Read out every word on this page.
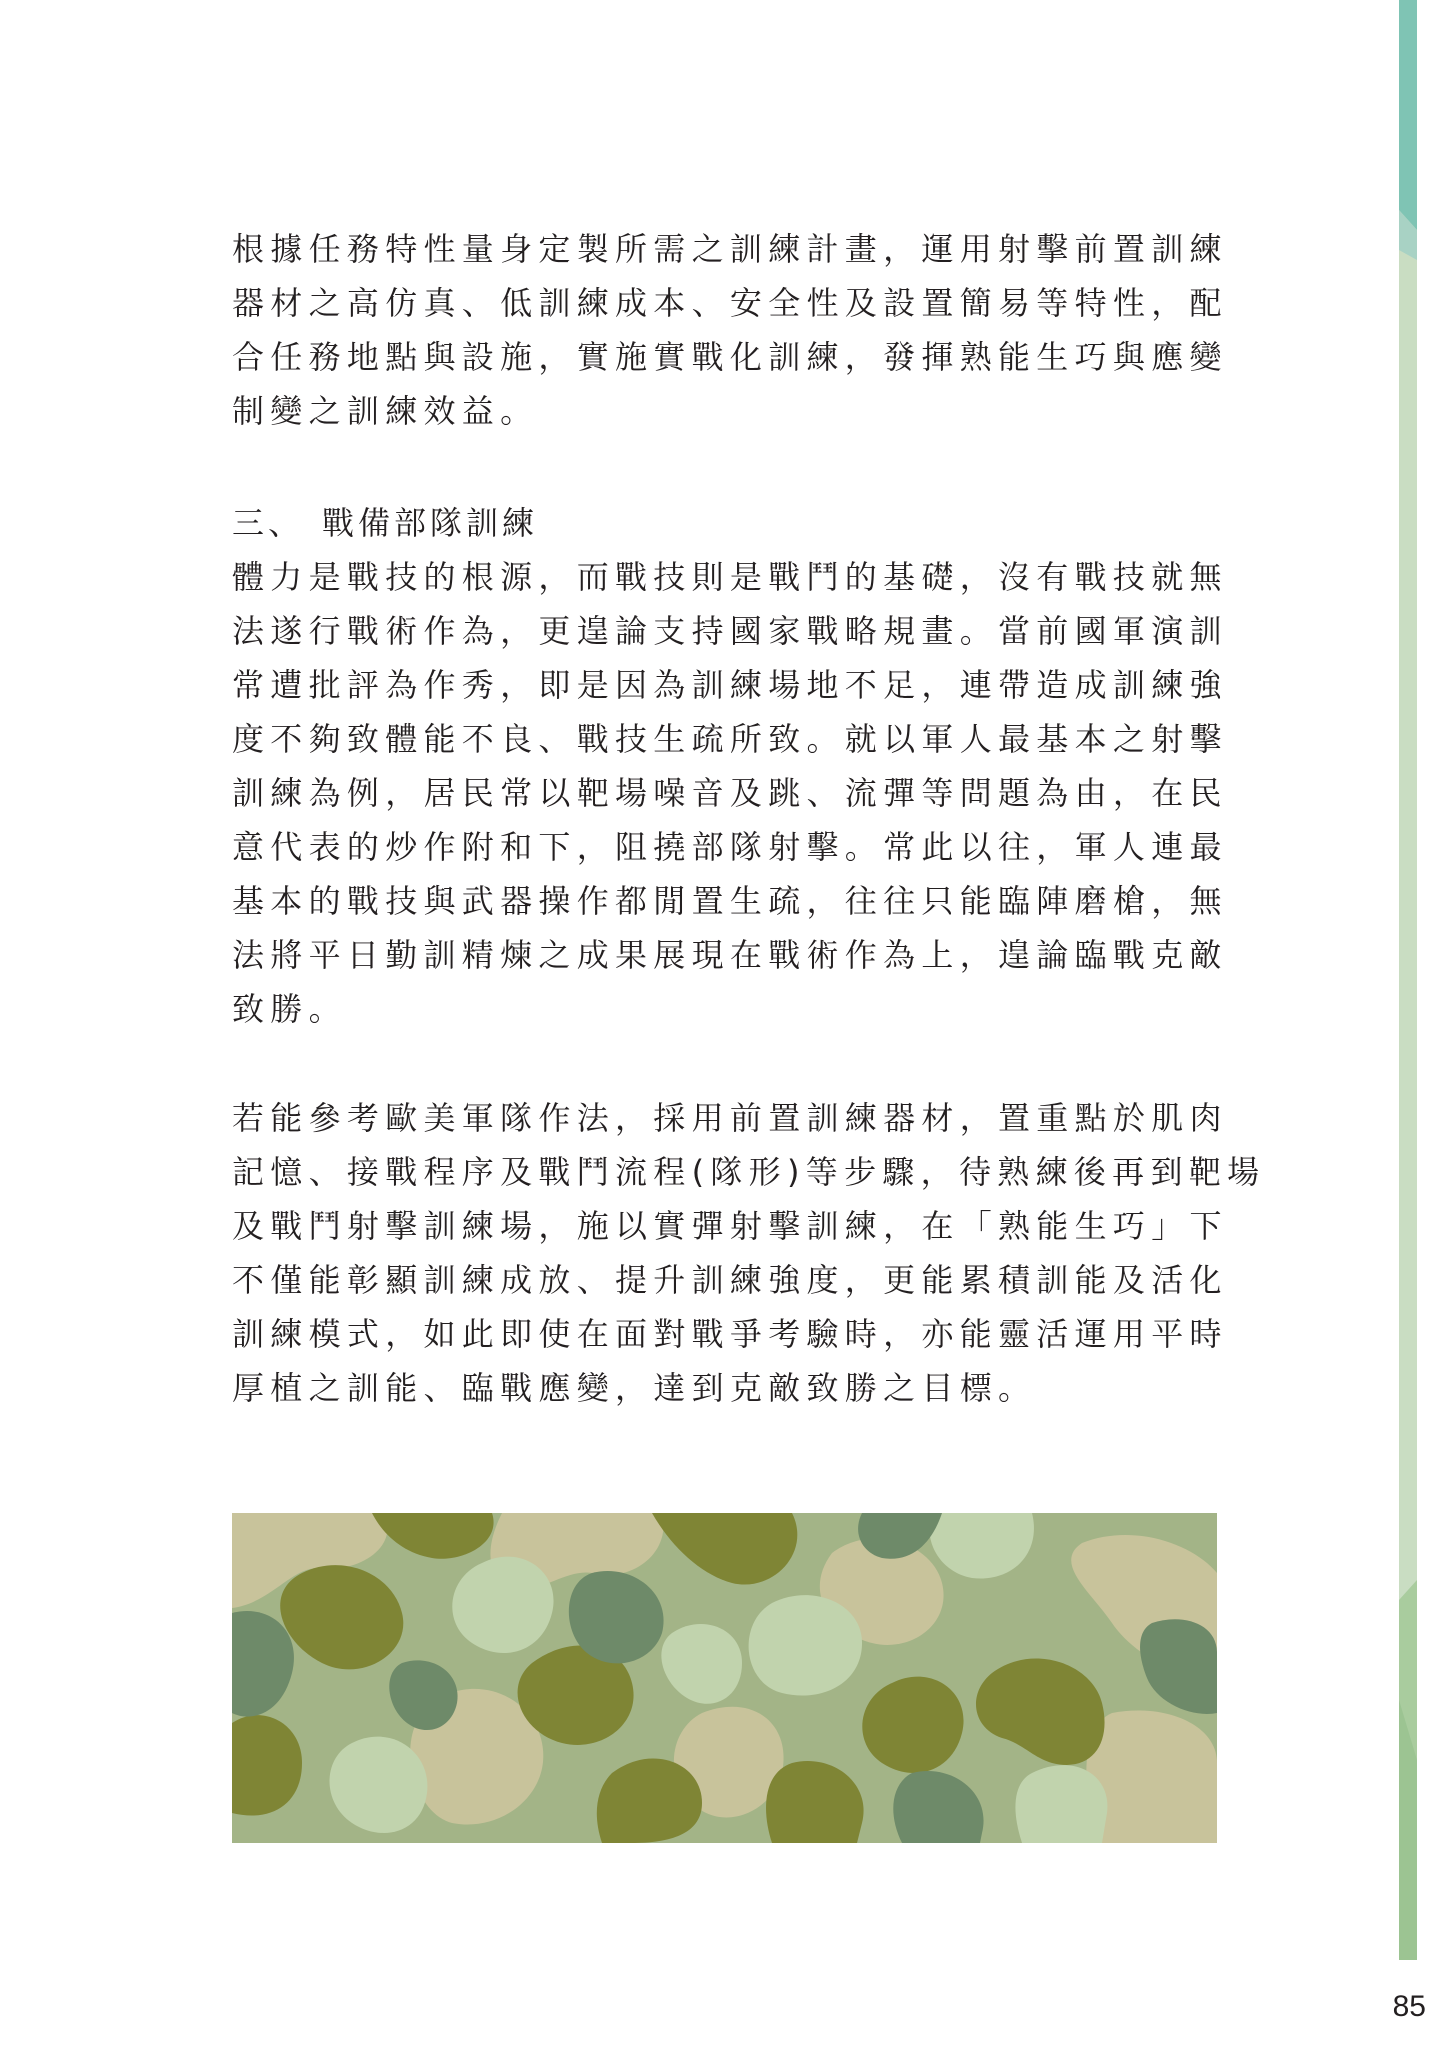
根據任務特性量身定製所需之訓練計畫，運用射擊前置訓練
器材之高仿真、低訓練成本、安全性及設置簡易等特性，配
合任務地點與設施，實施實戰化訓練，發揮熟能生巧與應變
制變之訓練效益。
三、 戰備部隊訓練
體力是戰技的根源，而戰技則是戰鬥的基礎，沒有戰技就無
法遂行戰術作為，更遑論支持國家戰略規畫。當前國軍演訓
常遭批評為作秀，即是因為訓練場地不足，連帶造成訓練強
度不夠致體能不良、戰技生疏所致。就以軍人最基本之射擊
訓練為例，居民常以靶場噪音及跳、流彈等問題為由，在民
意代表的炒作附和下，阻撓部隊射擊。常此以往，軍人連最
基本的戰技與武器操作都閒置生疏，往往只能臨陣磨槍，無
法將平日勤訓精煉之成果展現在戰術作為上，遑論臨戰克敵
致勝。
若能參考歐美軍隊作法，採用前置訓練器材，置重點於肌肉
記憶、接戰程序及戰鬥流程(隊形)等步驟，待熟練後再到靶場
及戰鬥射擊訓練場，施以實彈射擊訓練，在「熟能生巧」下
不僅能彰顯訓練成放、提升訓練強度，更能累積訓能及活化
訓練模式，如此即使在面對戰爭考驗時，亦能靈活運用平時
厚植之訓能、臨戰應變，達到克敵致勝之目標。
85
